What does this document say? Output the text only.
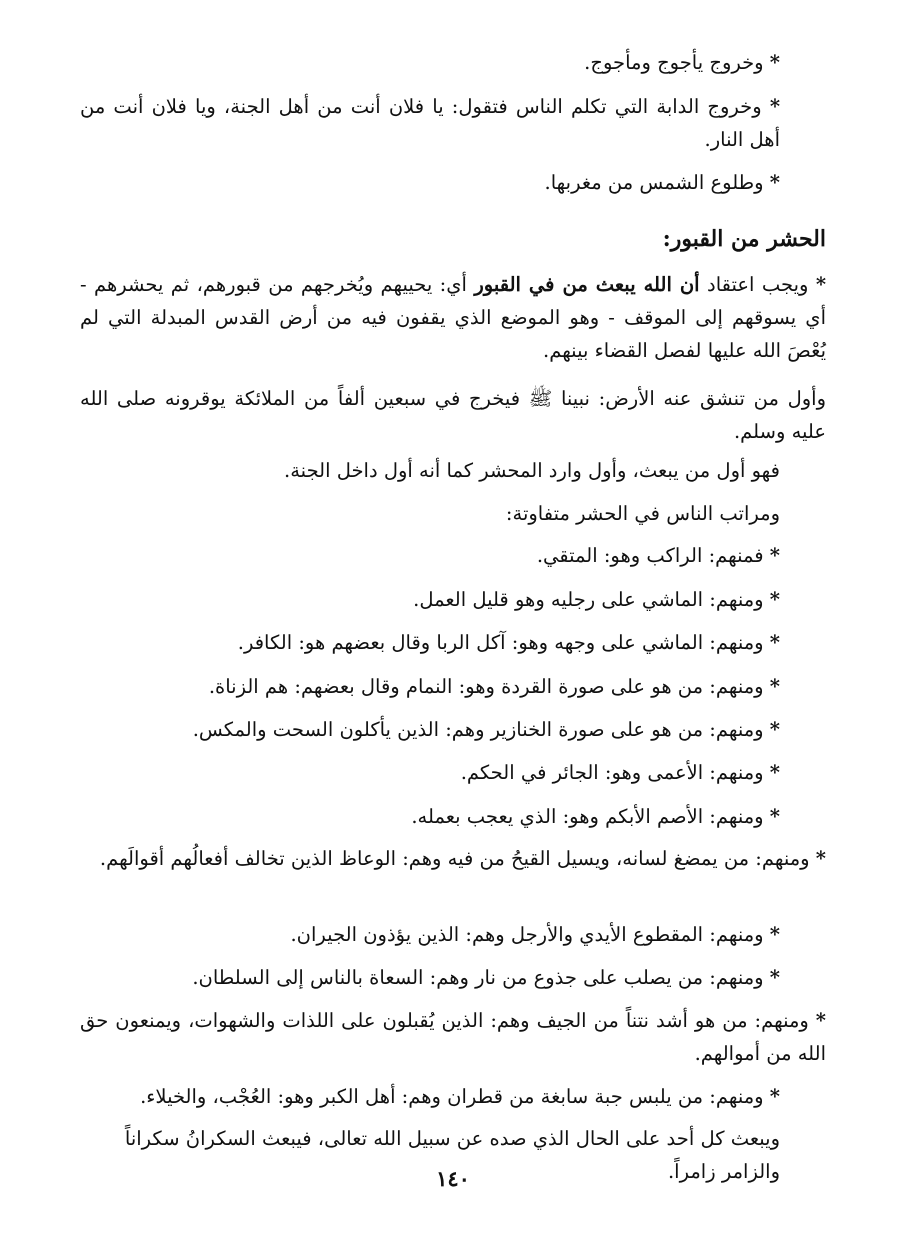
* وخروج يأجوج ومأجوج.

* وخروج الدابة التي تكلم الناس فتقول: يا فلان أنت من أهل الجنة، ويا فلان أنت من أهل النار.

* وطلوع الشمس من مغربها.

الحشر من القبور:

* ويجب اعتقاد أن الله يبعث من في القبور أي: يحييهم ويُخرجهم من قبورهم، ثم يحشرهم - أي يسوقهم إلى الموقف - وهو الموضع الذي يقفون فيه من أرض القدس المبدلة التي لم يُعْصَ الله عليها لفصل القضاء بينهم.

وأول من تنشق عنه الأرض: نبينا ﷺ فيخرج في سبعين ألفاً من الملائكة يوقرونه صلى الله عليه وسلم.

فهو أول من يبعث، وأول وارد المحشر كما أنه أول داخل الجنة.

ومراتب الناس في الحشر متفاوتة:

* فمنهم: الراكب وهو: المتقي.

* ومنهم: الماشي على رجليه وهو قليل العمل.

* ومنهم: الماشي على وجهه وهو: آكل الربا وقال بعضهم هو: الكافر.

* ومنهم: من هو على صورة القردة وهو: النمام وقال بعضهم: هم الزناة.

* ومنهم: من هو على صورة الخنازير وهم: الذين يأكلون السحت والمكس.

* ومنهم: الأعمى وهو: الجائر في الحكم.

* ومنهم: الأصم الأبكم وهو: الذي يعجب بعمله.

* ومنهم: من يمضغ لسانه، ويسيل القيحُ من فيه وهم: الوعاظ الذين تخالف أفعالُهم أقوالَهم.

* ومنهم: المقطوع الأيدي والأرجل وهم: الذين يؤذون الجيران.

* ومنهم: من يصلب على جذوع من نار وهم: السعاة بالناس إلى السلطان.

* ومنهم: من هو أشد نتناً من الجيف وهم: الذين يُقبلون على اللذات والشهوات، ويمنعون حق الله من أموالهم.

* ومنهم: من يلبس جبة سابغة من قطران وهم: أهل الكبر وهو: العُجْب، والخيلاء.

ويبعث كل أحد على الحال الذي صده عن سبيل الله تعالى، فيبعث السكرانُ سكراناً والزامر زامراً.

١٤٠
